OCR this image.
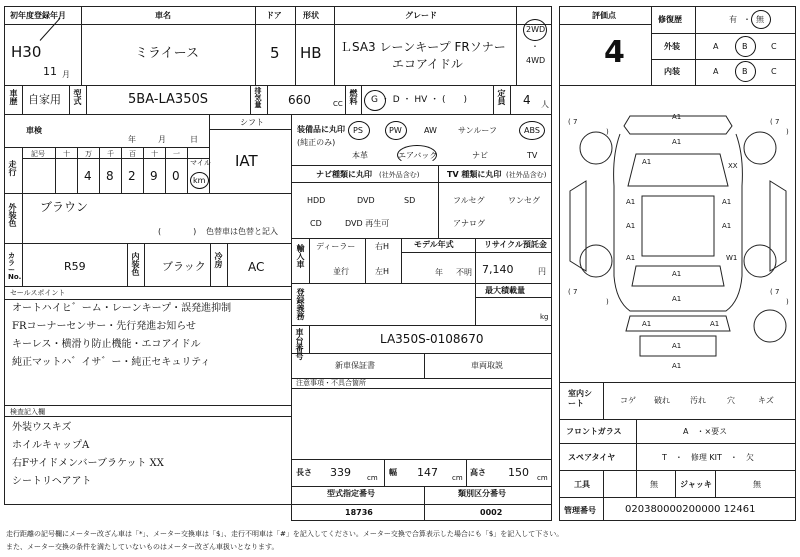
初年度登録年月
H30
11 月
車名
ミライース
ドア
5
形状
HB
グレード
ＬSA3 レーンキープ FRソナー
エコアイドル
2WD
・
4WD
車歴 自家用 型式	5BA-LA350S	排気量 660	CC 燃料 G ・ D ・ HV ・ (　　)	定員 4 人
車検
年	月	日
走行
記号	十 万 千 百 十 一
4 8 2 9 0
マイル
km
シフト
IAT
装備品に丸印
(純正のみ)
PS	PW	AW	サンルーフ	ABS
本革	エアバック	ナビ	TV
ナビ種類に丸印 (社外品含む)
HDD	DVD	SD
CD	DVD 再生可
TV 種類に丸印 (社外品含む)
フルセグ	ワンセグ
アナログ
外装色 ブラウン
(　　　　) 色替車は色替と記入
カラーNo.
R59	内装色 ブラック 冷房 AC	輸入車 ディーラー
並行
右H
左H
モデル年式
年 不明
リサイクル預託金
7,140	円
登録義務	最大積載量
kg
セールスポイント
オートハイヒ゛ーム・レーンキープ・誤発進抑制
FRコーナーセンサー・先行発進お知らせ
キーレス・横滑り防止機能・エコアイドル
純正マットハ゛イサ゛ー・純正セキュリティ
車台番号	LA350S-0108670
新車保証書	車両取説
注意事項・不具合箇所
検査記入欄
外装ウスキズ
ホイルキャップA
右Fサイドメンバーブラケット XX
シートリヘアアト
長さ 339 cm
幅 147 cm
高さ 150 cm
型式指定番号	類別区分番号
18736	0002
評価点
4
修復歴	有 ・ 無
外装	A	B	C
内装	A	B	C
A1
A1
A1	XX
A1	A1
A1	A1
W1
A1
A1
A1
A1	A1
A1
A1
( 7
)
( 7
)
( 7
)
( 7
)
室内シート	コゲ 破れ	汚れ	穴	キズ
フロントガラス	A　・×要ス
スペアタイヤ	T　・　修理 KIT　・　欠
工具	無	ジャッキ	無
管理番号	020380000200000 12461
走行距離の記号欄にメーター改ざん車は「*」、メーター交換車は「$」、走行不明車は「#」を記入してください。メーター交換で合算表示した場合にも「$」を記入して下さい。
また、メーター交換の条件を満たしていないものはメーター改ざん車扱いとなります。
